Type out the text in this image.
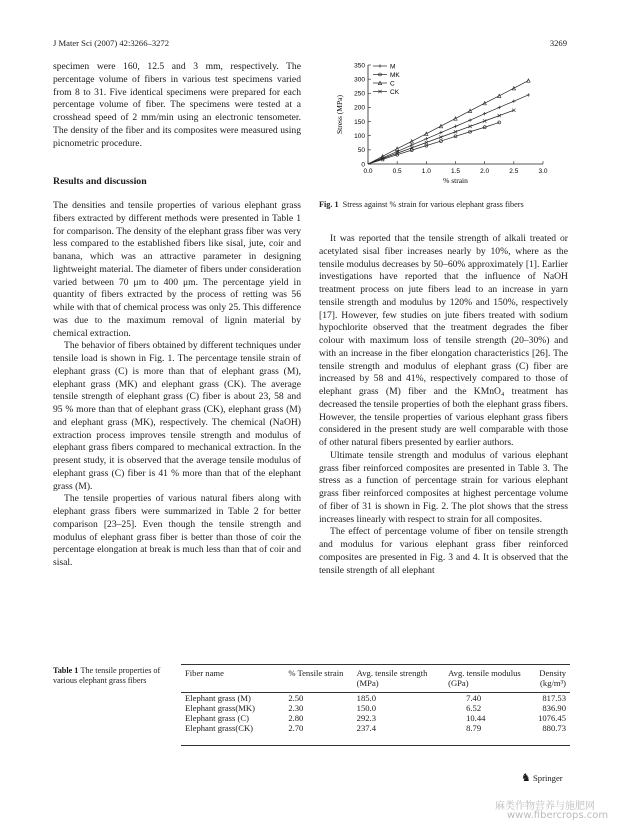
J Mater Sci (2007) 42:3266–3272	3269

specimen were 160, 12.5 and 3 mm, respectively. The percentage volume of fibers in various test specimens varied from 8 to 31. Five identical specimens were prepared for each percentage volume of fiber. The specimens were tested at a crosshead speed of 2 mm/min using an electronic tensometer. The density of the fiber and its composites were measured using picnometric procedure.

Results and discussion

The densities and tensile properties of various elephant grass fibers extracted by different methods were presented in Table 1 for comparison. The density of the elephant grass fiber was very less compared to the established fibers like sisal, jute, coir and banana, which was an attractive parameter in designing lightweight material. The diameter of fibers under consideration varied between 70 μm to 400 μm. The percentage yield in quantity of fibers extracted by the process of retting was 56 while with that of chemical process was only 25. This difference was due to the maximum removal of lignin material by chemical extraction.

The behavior of fibers obtained by different techniques under tensile load is shown in Fig. 1. The percentage tensile strain of elephant grass (C) is more than that of elephant grass (M), elephant grass (MK) and elephant grass (CK). The average tensile strength of elephant grass (C) fiber is about 23, 58 and 95 % more than that of elephant grass (CK), elephant grass (M) and elephant grass (MK), respectively. The chemical (NaOH) extraction process improves tensile strength and modulus of elephant grass fibers compared to mechanical extraction. In the present study, it is observed that the average tensile modulus of elephant grass (C) fiber is 41 % more than that of the elephant grass (M).

The tensile properties of various natural fibers along with elephant grass fibers were summarized in Table 2 for better comparison [23–25]. Even though the tensile strength and modulus of elephant grass fiber is better than those of coir the percentage elongation at break is much less than that of coir and sisal.

0.0	0.5	1.0	1.5	2.0	2.5	3.0
0
50
100
150
200
250
300
350
% strain
Stress (MPa)
M
MK
C
CK
Fig. 1 Stress against % strain for various elephant grass fibers

It was reported that the tensile strength of alkali treated or acetylated sisal fiber increases nearly by 10%, where as the tensile modulus decreases by 50–60% approximately [1]. Earlier investigations have reported that the influence of NaOH treatment process on jute fibers lead to an increase in yarn tensile strength and modulus by 120% and 150%, respectively [17]. However, few studies on jute fibers treated with sodium hypochlorite observed that the treatment degrades the fiber colour with maximum loss of tensile strength (20–30%) and with an increase in the fiber elongation characteristics [26]. The tensile strength and modulus of elephant grass (C) fiber are increased by 58 and 41%, respectively compared to those of elephant grass (M) fiber and the KMnO₄ treatment has decreased the tensile properties of both the elephant grass fibers. However, the tensile properties of various elephant grass fibers considered in the present study are well comparable with those of other natural fibers presented by earlier authors.

Ultimate tensile strength and modulus of various elephant grass fiber reinforced composites are presented in Table 3. The stress as a function of percentage strain for various elephant grass fiber reinforced composites at highest percentage volume of fiber of 31 is shown in Fig. 2. The plot shows that the stress increases linearly with respect to strain for all composites.

The effect of percentage volume of fiber on tensile strength and modulus for various elephant grass fiber reinforced composites are presented in Fig. 3 and 4. It is observed that the tensile strength of all elephant

Table 1 The tensile properties of various elephant grass fibers
Fiber name	% Tensile strain	Avg. tensile strength (MPa)	Avg. tensile modulus (GPa)	Density (kg/m³)

Elephant grass (M)	2.50	185.0	7.40	817.53
Elephant grass(MK)	2.30	150.0	6.52	836.90
Elephant grass (C)	2.80	292.3	10.44	1076.45
Elephant grass(CK)	2.70	237.4	8.79	880.73
♞ Springer
麻类作物营养与施肥网
www.fibercrops.com
